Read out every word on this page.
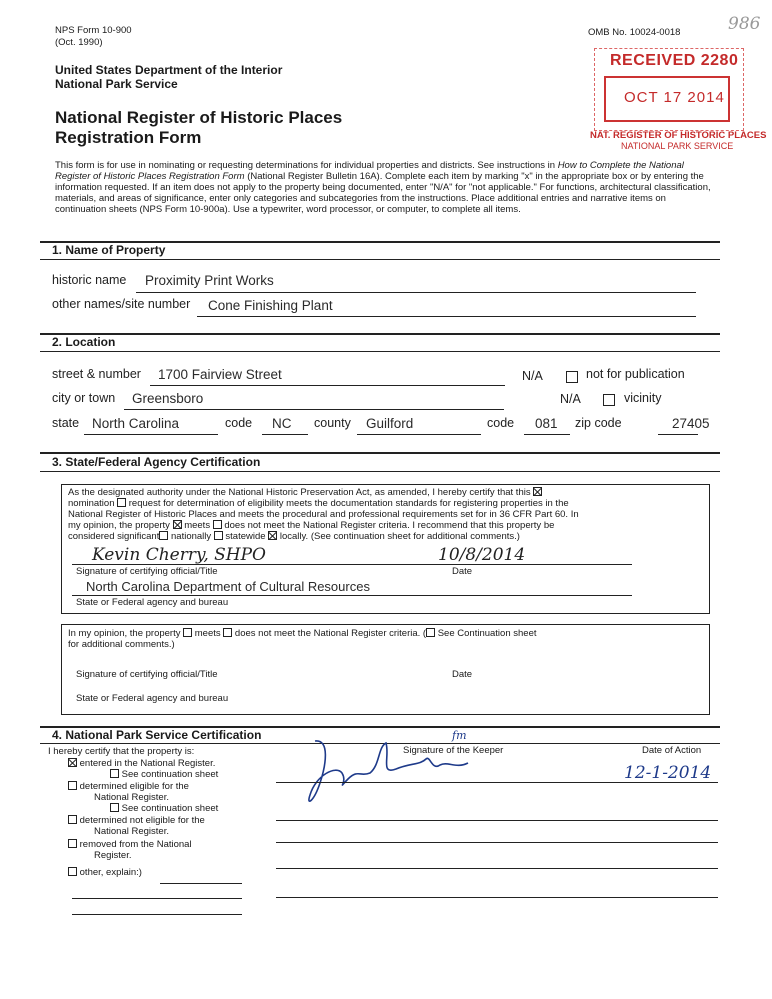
NPS Form 10-900
(Oct. 1990)
OMB No. 10024-0018	986
United States Department of the Interior
National Park Service
National Register of Historic Places
Registration Form
RECEIVED 2280
OCT 17 2014
NAT. REGISTER OF HISTORIC PLACES
NATIONAL PARK SERVICE
This form is for use in nominating or requesting determinations for individual properties and districts. See instructions in How to Complete the National Register of Historic Places Registration Form (National Register Bulletin 16A). Complete each item by marking "x" in the appropriate box or by entering the information requested. If an item does not apply to the property being documented, enter "N/A" for "not applicable." For functions, architectural classification, materials, and areas of significance, enter only categories and subcategories from the instructions. Place additional entries and narrative items on continuation sheets (NPS Form 10-900a). Use a typewriter, word processor, or computer, to complete all items.
1. Name of Property
historic name Proximity Print Works
other names/site number Cone Finishing Plant
2. Location
street & number 1700 Fairview Street	N/A	not for publication
city or town Greensboro	N/A	vicinity
state North Carolina	code NC county Guilford	code 081 zip code	27405
3. State/Federal Agency Certification
As the designated authority under the National Historic Preservation Act, as amended, I hereby certify that this
nomination request for determination of eligibility meets the documentation standards for registering properties in the
National Register of Historic Places and meets the procedural and professional requirements set for in 36 CFR Part 60. In
my opinion, the property meets does not meet the National Register criteria. I recommend that this property be
considered significant nationally statewide locally. (See continuation sheet for additional comments.)
Kevin Cherry, SHPO	10/8/2014
Signature of certifying official/Title	Date
North Carolina Department of Cultural Resources
State or Federal agency and bureau
In my opinion, the property meets does not meet the National Register criteria. ( See Continuation sheet
for additional comments.)
Signature of certifying official/Title	Date
State or Federal agency and bureau
4. National Park Service Certification
I hereby certify that the property is:	Signature of the Keeper	Date of Action
fm
12-1-2014
entered in the National Register.
See continuation sheet
determined eligible for the
National Register.
See continuation sheet
determined not eligible for the
National Register.
removed from the National
Register.
other, explain:)
